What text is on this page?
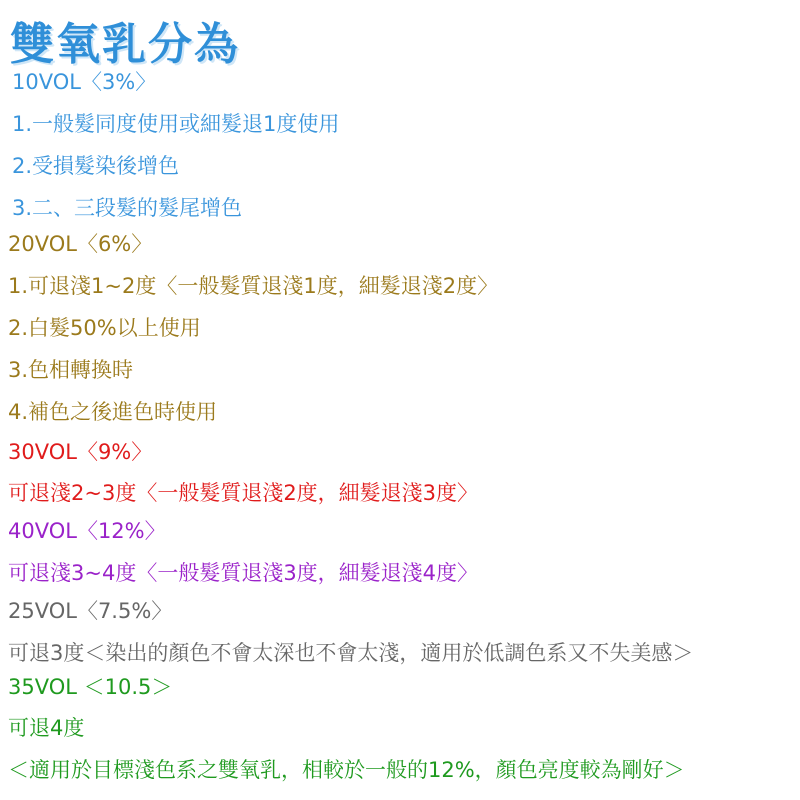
雙氧乳分為
10VOL〈3%〉
1.一般髮同度使用或細髮退1度使用
2.受損髮染後增色
3.二、三段髮的髮尾增色
20VOL〈6%〉
1.可退淺1~2度〈一般髮質退淺1度，細髮退淺2度〉
2.白髮50%以上使用
3.色相轉換時
4.補色之後進色時使用
30VOL〈9%〉
可退淺2~3度〈一般髮質退淺2度，細髮退淺3度〉
40VOL〈12%〉
可退淺3~4度〈一般髮質退淺3度，細髮退淺4度〉
25VOL〈7.5%〉
可退3度＜染出的顏色不會太深也不會太淺，適用於低調色系又不失美感＞
35VOL ＜10.5＞
可退4度
＜適用於目標淺色系之雙氧乳，相較於一般的12%，顏色亮度較為剛好＞
